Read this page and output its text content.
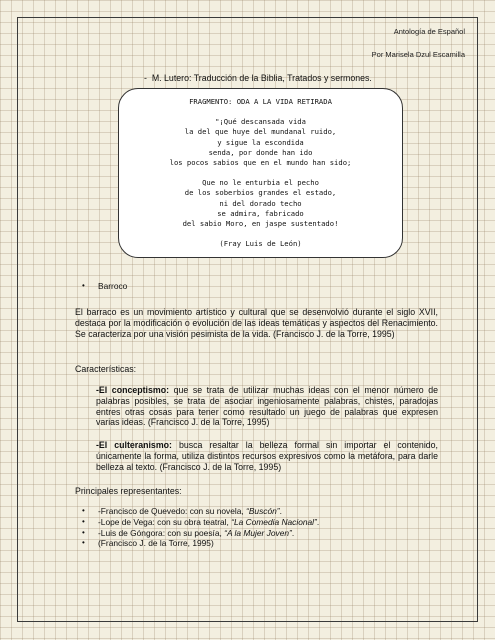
Antología de Español
Por Marisela Dzul Escamilla
-  M. Lutero: Traducción de la Biblia, Tratados y sermones.
FRAGMENTO: ODA A LA VIDA RETIRADA
"¡Qué descansada vida
la del que huye del mundanal ruido,
y sigue la escondida
senda, por donde han ido
los pocos sabios que en el mundo han sido;
Que no le enturbia el pecho
de los soberbios grandes el estado,
ni del dorado techo
se admira, fabricado
del sabio Moro, en jaspe sustentado!
(Fray Luis de León)
• Barroco
El barraco es un movimiento artístico y cultural que se desenvolvió durante el siglo XVII, destaca por la modificación o evolución de las ideas temáticas y aspectos del Renacimiento. Se caracteriza por una visión pesimista de la vida. (Francisco J. de la Torre, 1995)
Características:
-El conceptismo: que se trata de utilizar muchas ideas con el menor número de palabras posibles, se trata de asociar ingeniosamente palabras, chistes, paradojas entres otras cosas para tener como resultado un juego de palabras que expresen varias ideas. (Francisco J. de la Torre, 1995)
-El culteranismo: busca resaltar la belleza formal sin importar el contenido, únicamente la forma, utiliza distintos recursos expresivos como la metáfora, para darle belleza al texto. (Francisco J. de la Torre, 1995)
Principales representantes:
• -Francisco de Quevedo: con su novela, “Buscón”.
• -Lope de Vega: con su obra teatral, “La Comedia Nacional”.
• -Luis de Góngora: con su poesía, “A la Mujer Joven”.
• (Francisco J. de la Torre, 1995)
